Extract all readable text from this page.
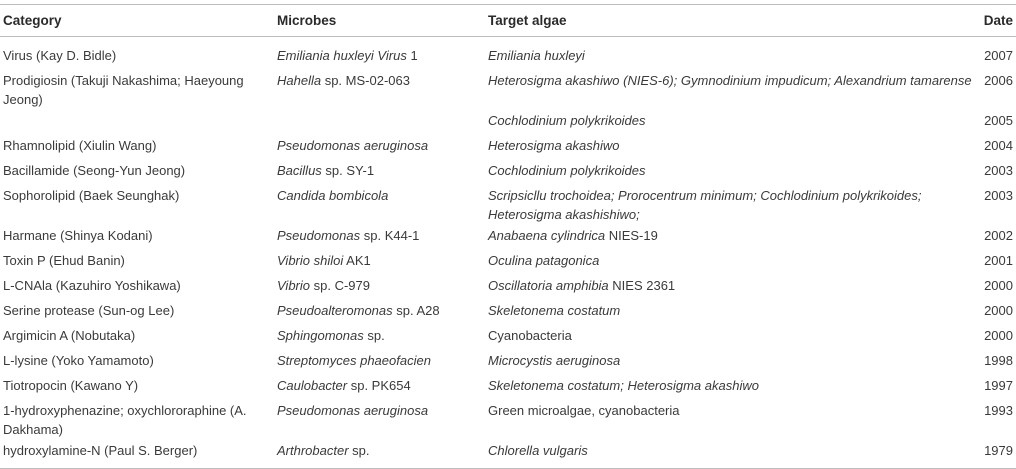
Category	Microbes	Target algae	Date
Virus (Kay D. Bidle)	Emiliania huxleyi Virus 1	Emiliania huxleyi	2007
Prodigiosin (Takuji Nakashima; Haeyoung Jeong)	Hahella sp. MS-02-063	Heterosigma akashiwo (NIES-6); Gymnodinium impudicum; Alexandrium tamarense	2006
		Cochlodinium polykrikoides	2005
Rhamnolipid (Xiulin Wang)	Pseudomonas aeruginosa	Heterosigma akashiwo	2004
Bacillamide (Seong-Yun Jeong)	Bacillus sp. SY-1	Cochlodinium polykrikoides	2003
Sophorolipid (Baek Seunghak)	Candida bombicola	Scripsicllu trochoidea; Prorocentrum minimum; Cochlodinium polykrikoides; Heterosigma akashishiwo;	2003
Harmane (Shinya Kodani)	Pseudomonas sp. K44-1	Anabaena cylindrica NIES-19	2002
Toxin P (Ehud Banin)	Vibrio shiloi AK1	Oculina patagonica	2001
L-CNAla (Kazuhiro Yoshikawa)	Vibrio sp. C-979	Oscillatoria amphibia NIES 2361	2000
Serine protease (Sun-og Lee)	Pseudoalteromonas sp. A28	Skeletonema costatum	2000
Argimicin A (Nobutaka)	Sphingomonas sp.	Cyanobacteria	2000
L-lysine (Yoko Yamamoto)	Streptomyces phaeofacien	Microcystis aeruginosa	1998
Tiotropocin (Kawano Y)	Caulobacter sp. PK654	Skeletonema costatum; Heterosigma akashiwo	1997
1-hydroxyphenazine; oxychlororaphine (A. Dakhama)	Pseudomonas aeruginosa	Green microalgae, cyanobacteria	1993
hydroxylamine-N (Paul S. Berger)	Arthrobacter sp.	Chlorella vulgaris	1979
